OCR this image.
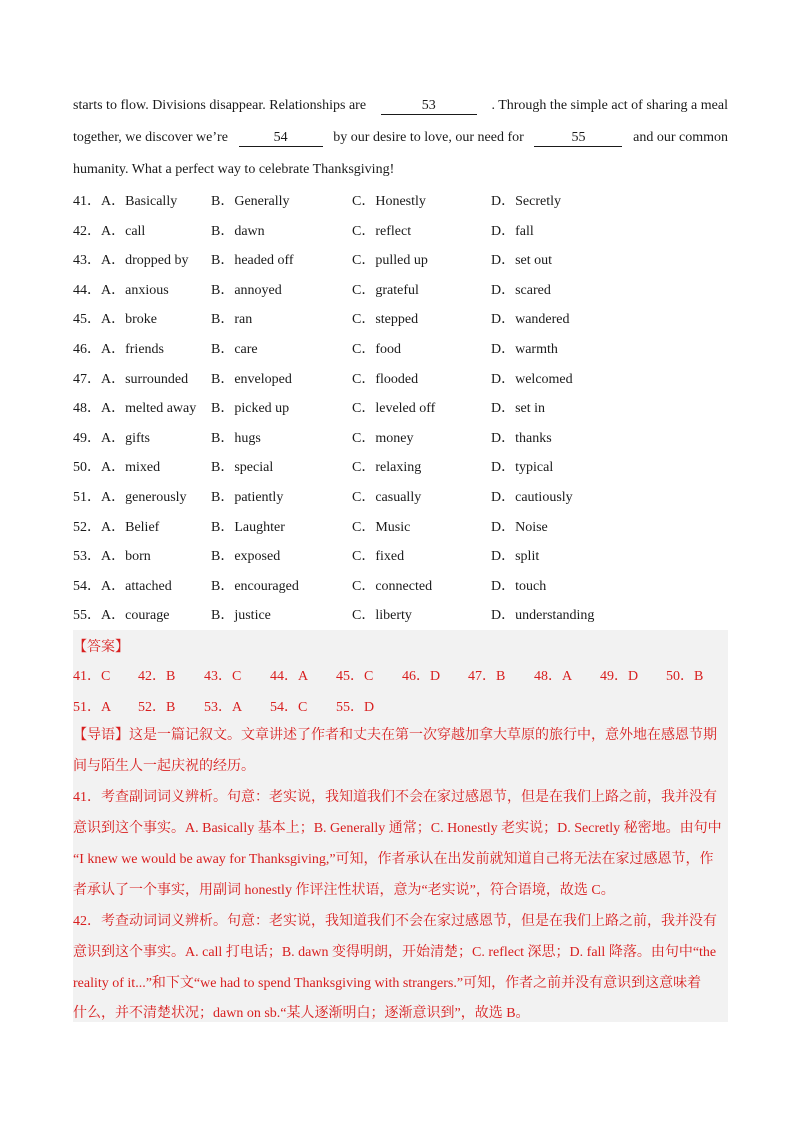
starts to flow. Divisions disappear. Relationships are	53	. Through the simple act of sharing a meal
together, we discover we’re	54	by our desire to love, our need for	55	and our common
humanity. What a perfect way to celebrate Thanksgiving!
41． A．Basically B．Generally	C．Honestly	D．Secretly
42． A．call	B．dawn	C．reflect	D．fall
43． A．dropped by B．headed off	C．pulled up	D．set out
44． A．anxious	B．annoyed	C．grateful	D．scared
45． A．broke	B．ran	C．stepped	D．wandered
46． A．friends	B．care	C．food	D．warmth
47． A．surrounded B．enveloped	C．flooded	D．welcomed
48． A．melted away B．picked up	C．leveled off	D．set in
49． A．gifts	B．hugs	C．money	D．thanks
50． A．mixed	B．special	C．relaxing	D．typical
51． A．generously B．patiently	C．casually	D．cautiously
52． A．Belief	B．Laughter	C．Music	D．Noise
53． A．born	B．exposed	C．fixed	D．split
54． A．attached	B．encouraged	C．connected	D．touch
55． A．courage	B．justice	C．liberty	D．understanding
【答案】
41．C 42．B 43．C 44．A 45．C 46．D 47．B 48．A 49．D 50．B
51．A 52．B 53．A 54．C 55．D
【导语】这是一篇记叙文。文章讲述了作者和丈夫在第一次穿越加拿大草原的旅行中，意外地在感恩节期
间与陌生人一起庆祝的经历。
41．考查副词词义辨析。句意：老实说，我知道我们不会在家过感恩节，但是在我们上路之前，我并没有
意识到这个事实。A. Basically 基本上；B. Generally 通常；C. Honestly 老实说；D. Secretly 秘密地。由句中
“I knew we would be away for Thanksgiving,”可知，作者承认在出发前就知道自己将无法在家过感恩节，作
者承认了一个事实，用副词 honestly 作评注性状语，意为“老实说”，符合语境，故选 C。
42．考查动词词义辨析。句意：老实说，我知道我们不会在家过感恩节，但是在我们上路之前，我并没有
意识到这个事实。A. call 打电话；B. dawn 变得明朗，开始清楚；C. reflect 深思；D. fall 降落。由句中“the
reality of it...”和下文“we had to spend Thanksgiving with strangers.”可知，作者之前并没有意识到这意味着
什么，并不清楚状况；dawn on sb.“某人逐渐明白；逐渐意识到”，故选 B。
